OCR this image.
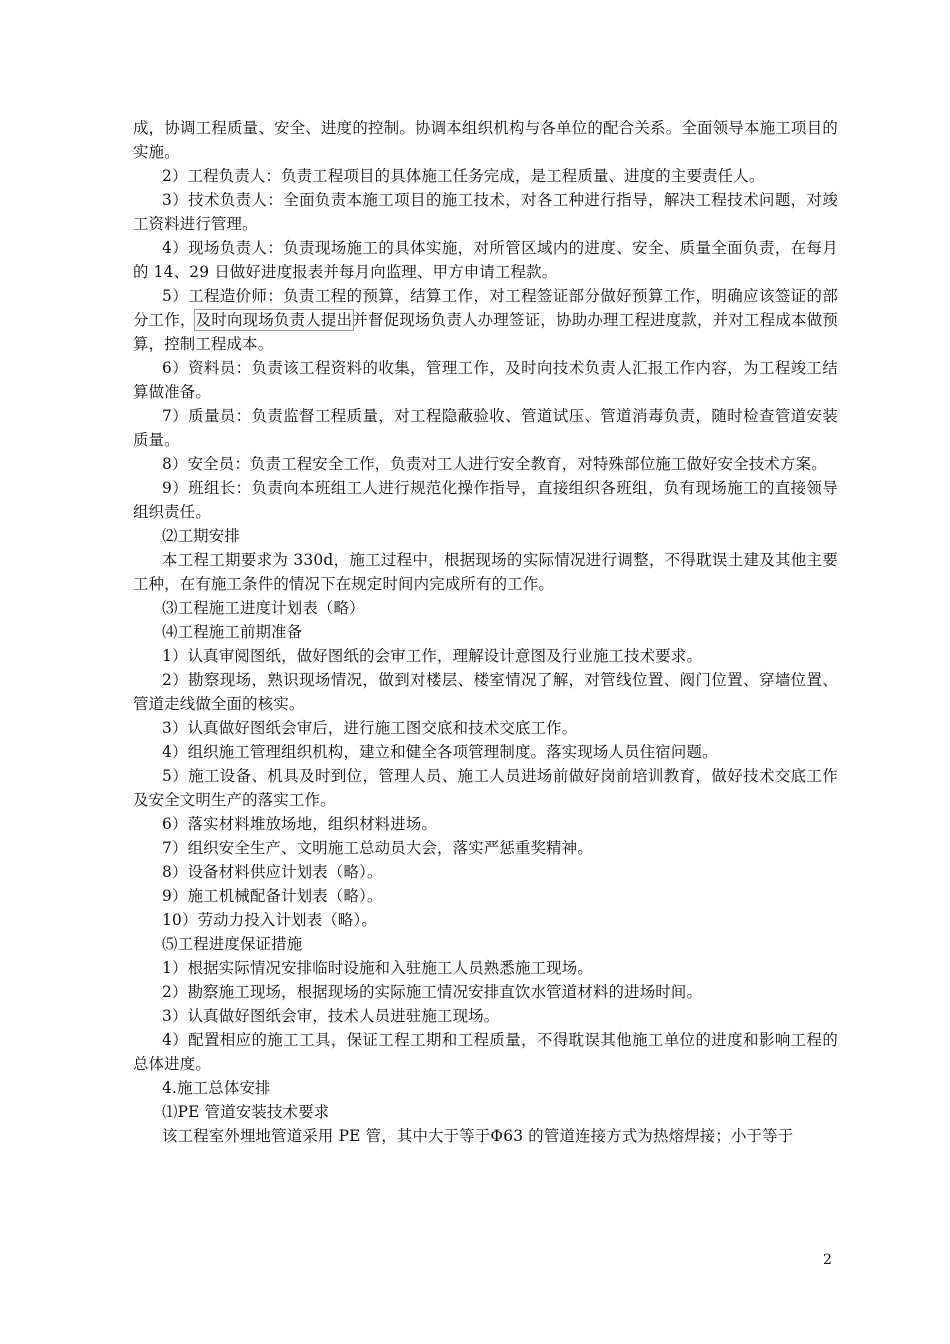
成，协调工程质量、安全、进度的控制。协调本组织机构与各单位的配合关系。全面领导本施工项目的实施。

2）工程负责人：负责工程项目的具体施工任务完成，是工程质量、进度的主要责任人。

3）技术负责人：全面负责本施工项目的施工技术，对各工种进行指导，解决工程技术问题，对竣工资料进行管理。

4）现场负责人：负责现场施工的具体实施，对所管区域内的进度、安全、质量全面负责，在每月的 14、29 日做好进度报表并每月向监理、甲方申请工程款。

5）工程造价师：负责工程的预算，结算工作，对工程签证部分做好预算工作，明确应该签证的部分工作，及时向现场负责人提出并督促现场负责人办理签证，协助办理工程进度款，并对工程成本做预算，控制工程成本。

6）资料员：负责该工程资料的收集，管理工作，及时向技术负责人汇报工作内容，为工程竣工结算做准备。

7）质量员：负责监督工程质量，对工程隐蔽验收、管道试压、管道消毒负责，随时检查管道安装质量。

8）安全员：负责工程安全工作，负责对工人进行安全教育，对特殊部位施工做好安全技术方案。

9）班组长：负责向本班组工人进行规范化操作指导，直接组织各班组，负有现场施工的直接领导组织责任。

⑵工期安排

本工程工期要求为 330d，施工过程中，根据现场的实际情况进行调整，不得耽误土建及其他主要工种，在有施工条件的情况下在规定时间内完成所有的工作。

⑶工程施工进度计划表（略）

⑷工程施工前期准备

1）认真审阅图纸，做好图纸的会审工作，理解设计意图及行业施工技术要求。

2）勘察现场，熟识现场情况，做到对楼层、楼室情况了解，对管线位置、阀门位置、穿墙位置、管道走线做全面的核实。

3）认真做好图纸会审后，进行施工图交底和技术交底工作。

4）组织施工管理组织机构，建立和健全各项管理制度。落实现场人员住宿问题。

5）施工设备、机具及时到位，管理人员、施工人员进场前做好岗前培训教育，做好技术交底工作及安全文明生产的落实工作。

6）落实材料堆放场地，组织材料进场。

7）组织安全生产、文明施工总动员大会，落实严惩重奖精神。

8）设备材料供应计划表（略）。

9）施工机械配备计划表（略）。

10）劳动力投入计划表（略）。

⑸工程进度保证措施

1）根据实际情况安排临时设施和入驻施工人员熟悉施工现场。

2）勘察施工现场，根据现场的实际施工情况安排直饮水管道材料的进场时间。

3）认真做好图纸会审，技术人员进驻施工现场。

4）配置相应的施工工具，保证工程工期和工程质量，不得耽误其他施工单位的进度和影响工程的总体进度。

4.施工总体安排

⑴PE 管道安装技术要求

该工程室外埋地管道采用 PE 管，其中大于等于Φ63 的管道连接方式为热熔焊接；小于等于

2
